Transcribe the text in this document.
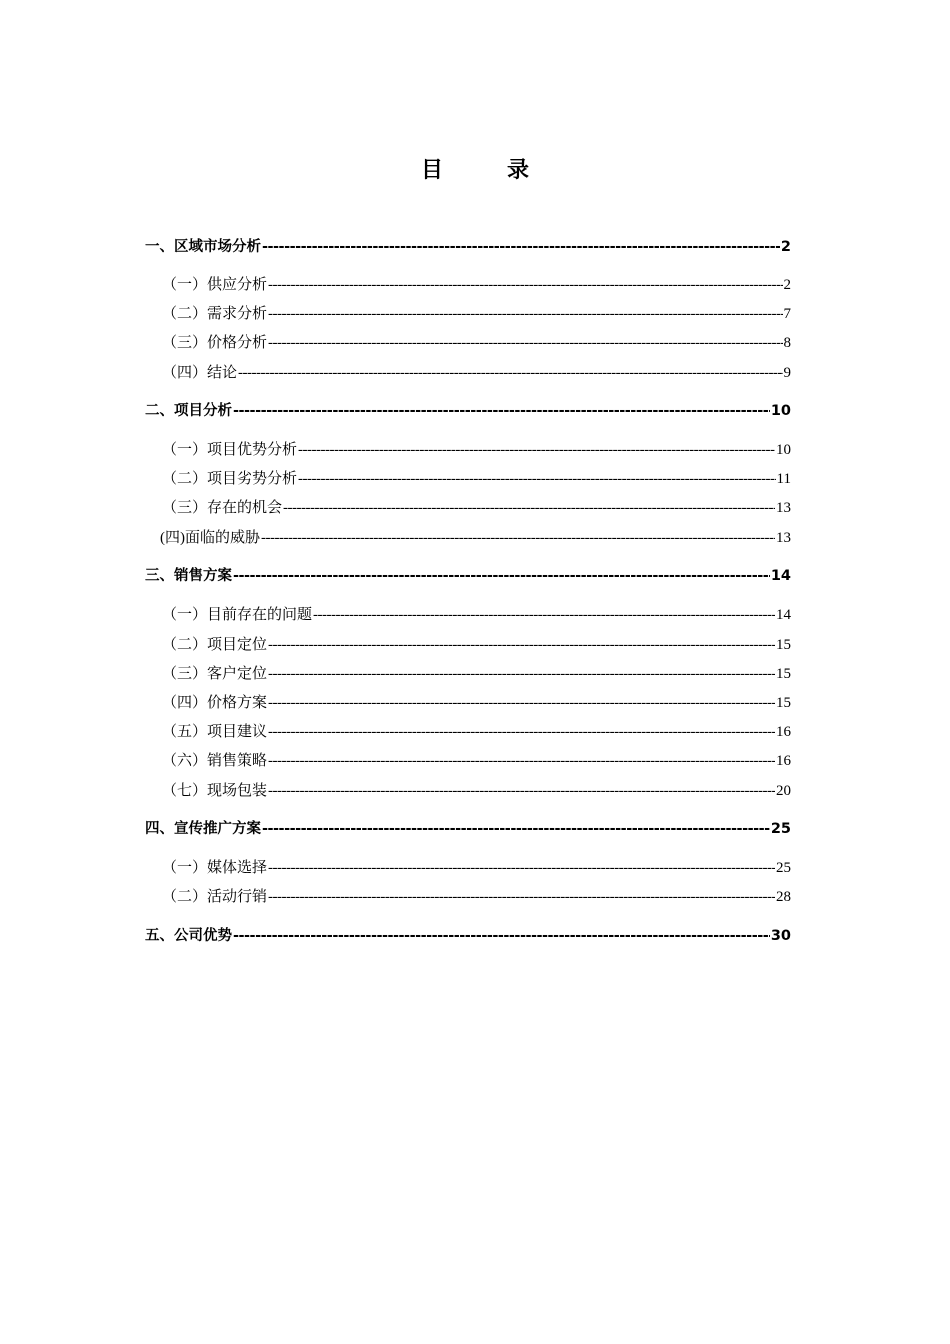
目	录
一、区域市场分析 -----	2
（一）供应分析 -----	2
（二）需求分析 -----	7
（三）价格分析 -----	8
（四）结论 -----	9
二、项目分析 -----	10
（一）项目优势分析 -----	10
（二）项目劣势分析 -----	11
（三）存在的机会 -----	13
(四)面临的威胁 -----	13
三、销售方案 -----	14
（一）目前存在的问题 -----	14
（二）项目定位 -----	15
（三）客户定位 -----	15
（四）价格方案 -----	15
（五）项目建议 -----	16
（六）销售策略 -----	16
（七）现场包装 -----	20
四、宣传推广方案 -----	25
（一）媒体选择 -----	25
（二）活动行销 -----	28
五、公司优势 -----	30
